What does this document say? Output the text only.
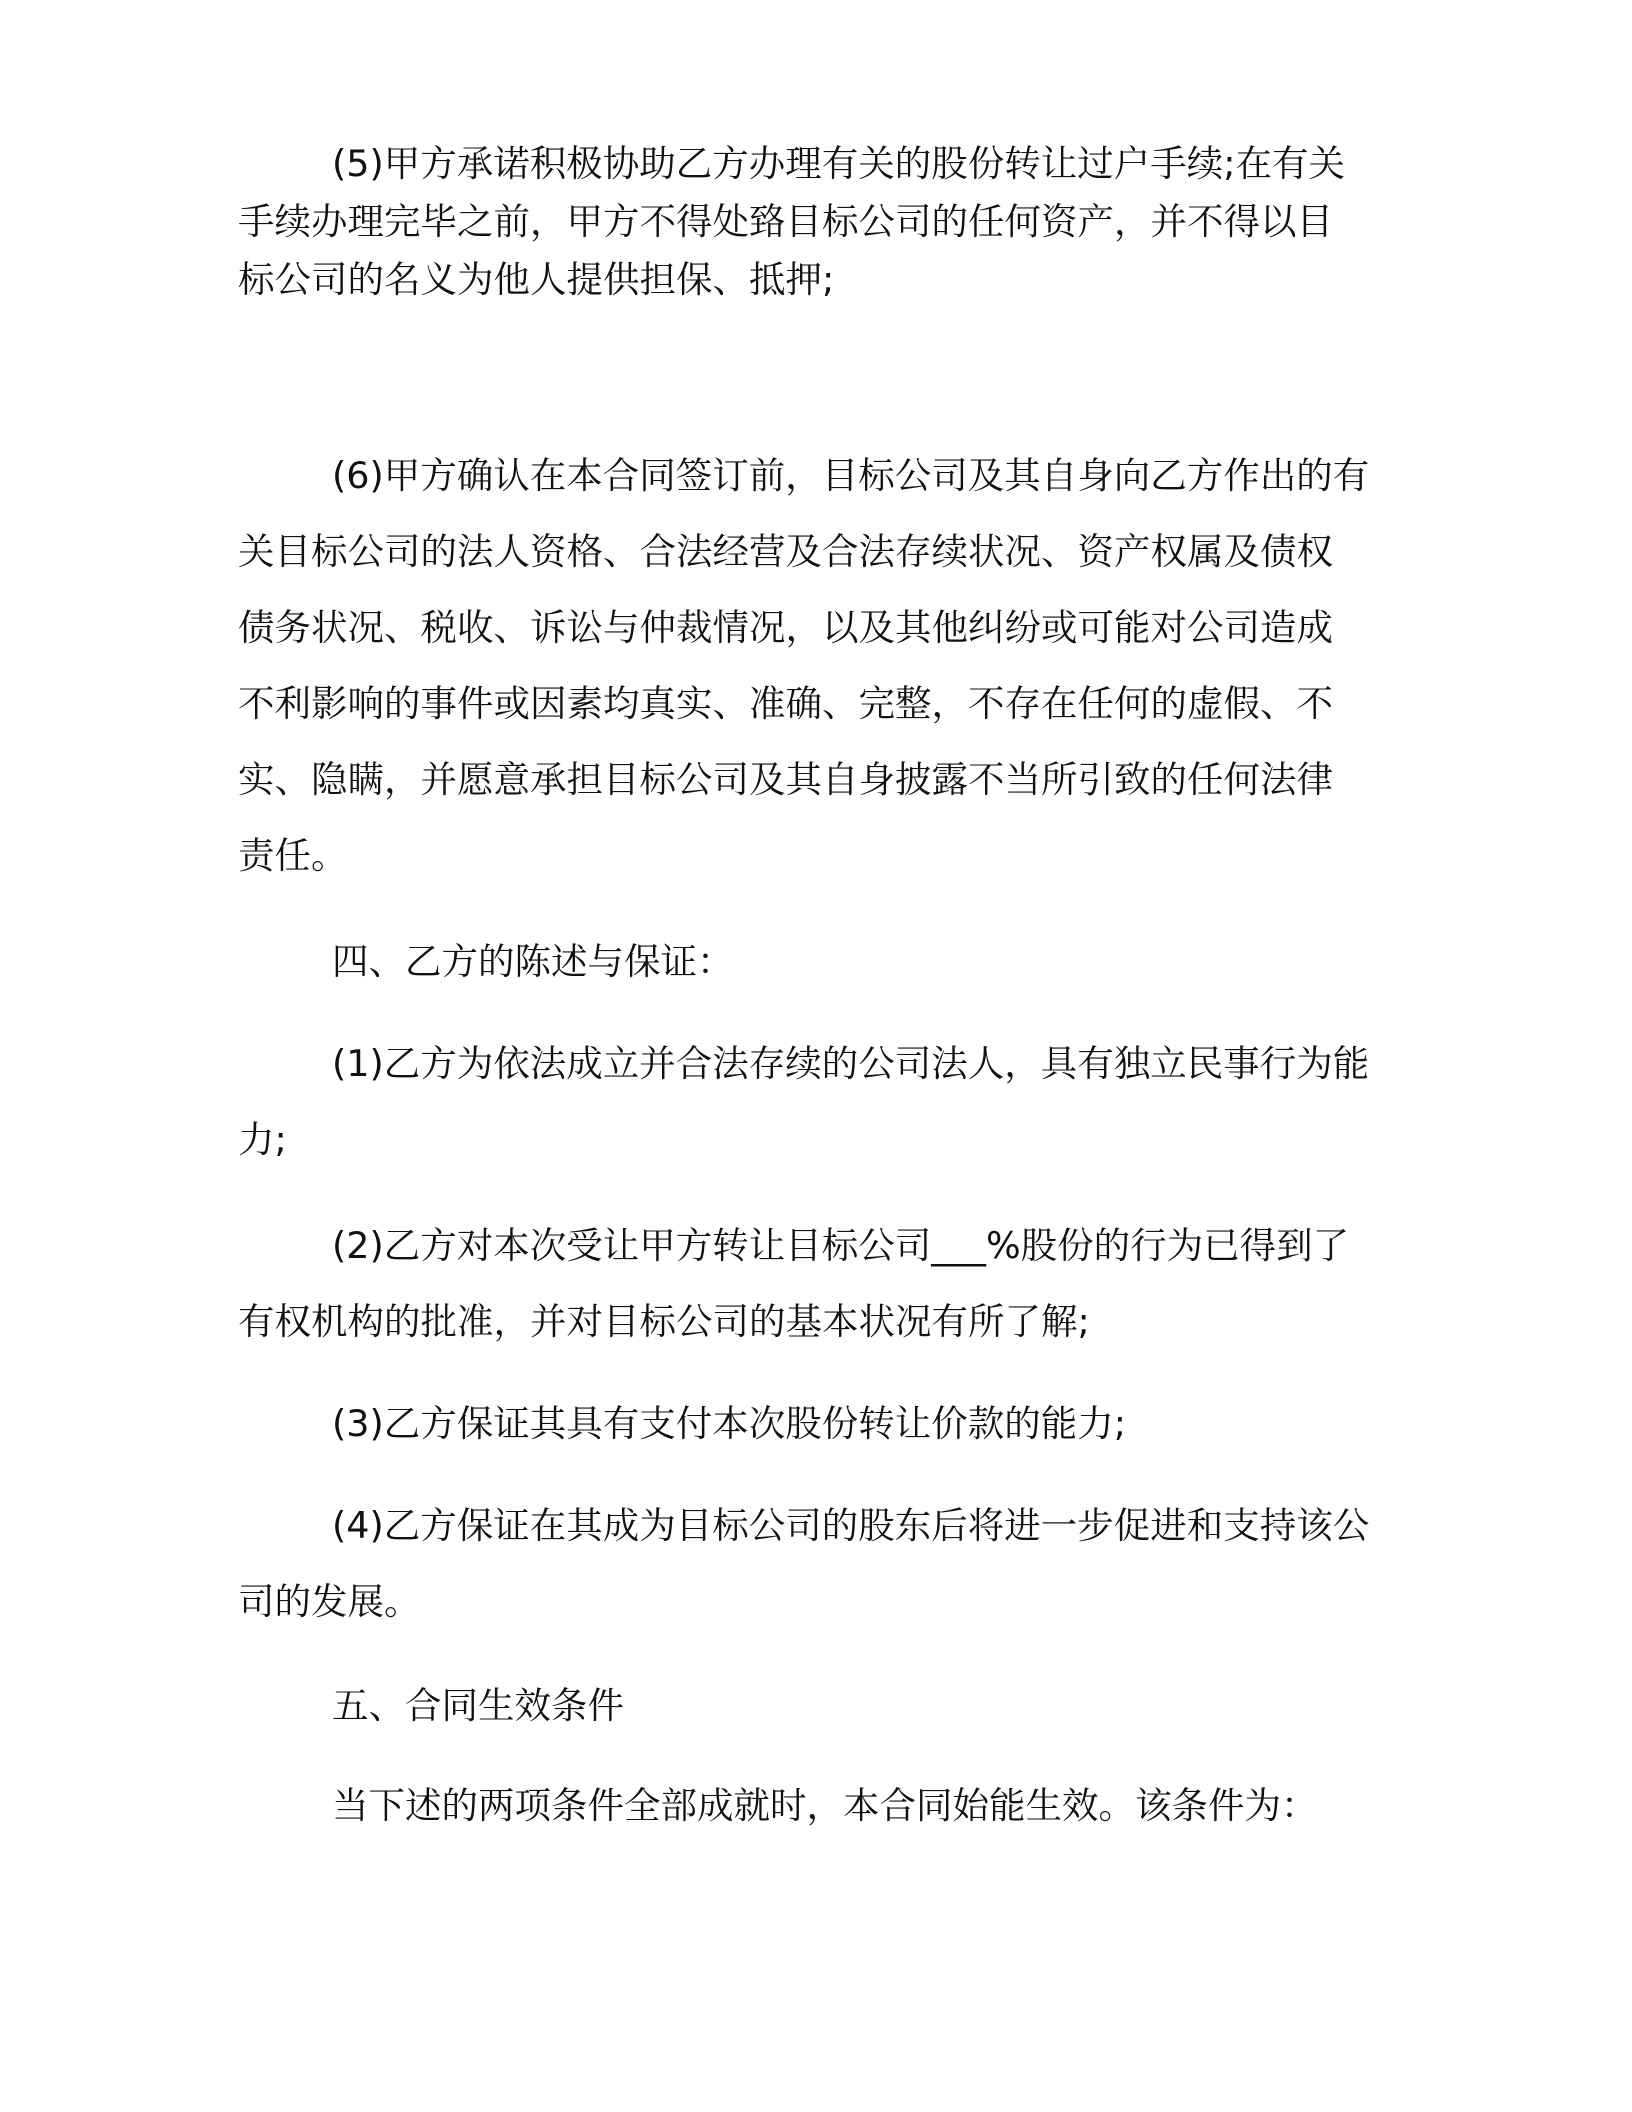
(5)甲方承诺积极协助乙方办理有关的股份转让过户手续;在有关
手续办理完毕之前，甲方不得处臵目标公司的任何资产，并不得以目
标公司的名义为他人提供担保、抵押;
(6)甲方确认在本合同签订前，目标公司及其自身向乙方作出的有
关目标公司的法人资格、合法经营及合法存续状况、资产权属及债权
债务状况、税收、诉讼与仲裁情况，以及其他纠纷或可能对公司造成
不利影响的事件或因素均真实、准确、完整，不存在任何的虚假、不
实、隐瞒，并愿意承担目标公司及其自身披露不当所引致的任何法律
责任。
四、乙方的陈述与保证：
(1)乙方为依法成立并合法存续的公司法人，具有独立民事行为能
力;
(2)乙方对本次受让甲方转让目标公司___%股份的行为已得到了
有权机构的批准，并对目标公司的基本状况有所了解;
(3)乙方保证其具有支付本次股份转让价款的能力;
(4)乙方保证在其成为目标公司的股东后将进一步促进和支持该公
司的发展。
五、合同生效条件
当下述的两项条件全部成就时，本合同始能生效。该条件为：
